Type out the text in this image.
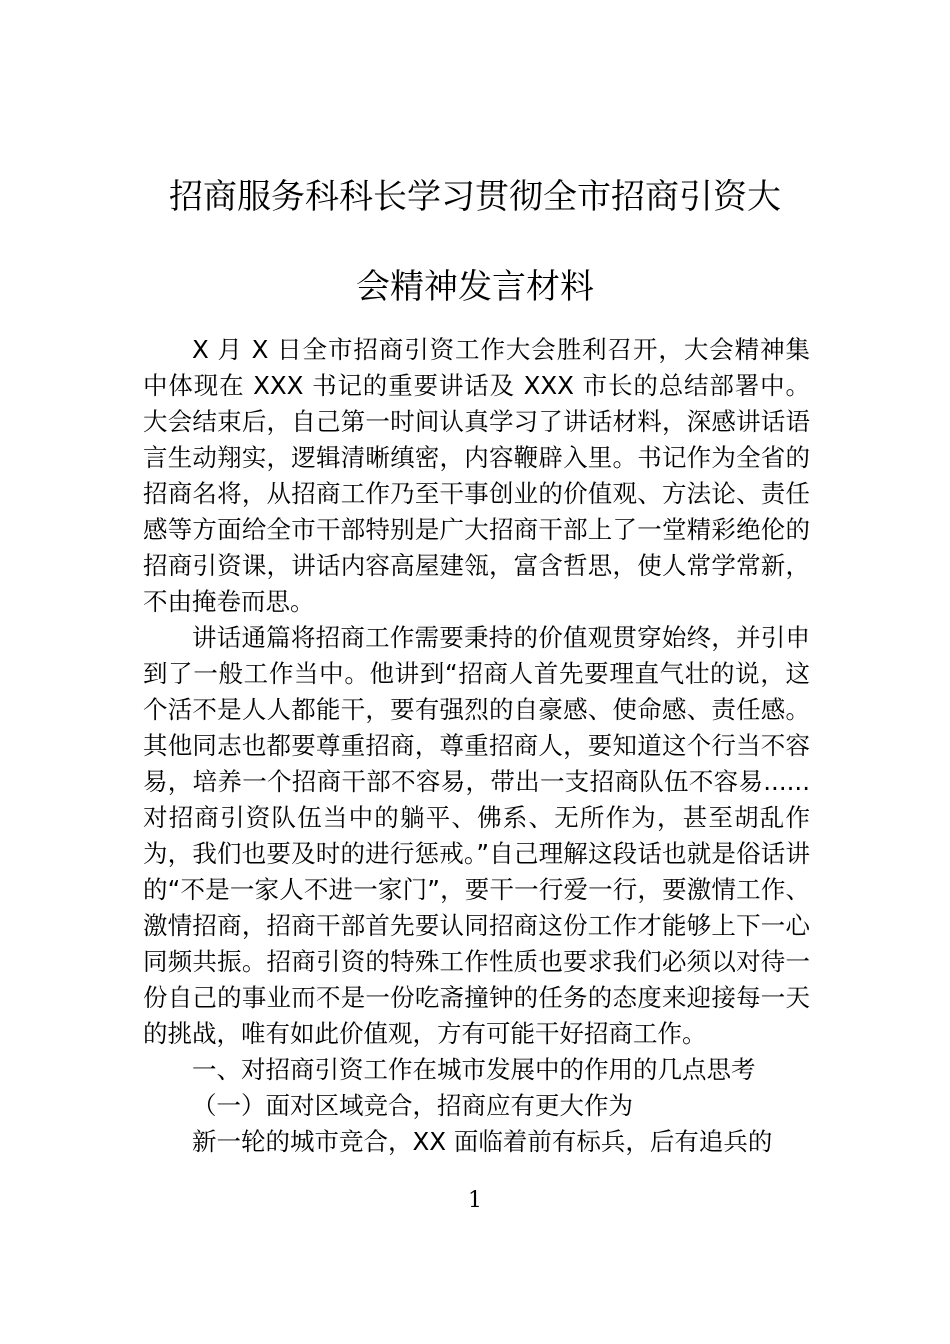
招商服务科科长学习贯彻全市招商引资大
会精神发言材料

X 月 X 日全市招商引资工作大会胜利召开，大会精神集中体现在 XXX 书记的重要讲话及 XXX 市长的总结部署中。大会结束后，自己第一时间认真学习了讲话材料，深感讲话语言生动翔实，逻辑清晰缜密，内容鞭辟入里。书记作为全省的招商名将，从招商工作乃至干事创业的价值观、方法论、责任感等方面给全市干部特别是广大招商干部上了一堂精彩绝伦的招商引资课，讲话内容高屋建瓴，富含哲思，使人常学常新，不由掩卷而思。

讲话通篇将招商工作需要秉持的价值观贯穿始终，并引申到了一般工作当中。他讲到“招商人首先要理直气壮的说，这个活不是人人都能干，要有强烈的自豪感、使命感、责任感。其他同志也都要尊重招商，尊重招商人，要知道这个行当不容易，培养一个招商干部不容易，带出一支招商队伍不容易......对招商引资队伍当中的躺平、佛系、无所作为，甚至胡乱作为，我们也要及时的进行惩戒。”自己理解这段话也就是俗话讲的“不是一家人不进一家门”，要干一行爱一行，要激情工作、激情招商，招商干部首先要认同招商这份工作才能够上下一心同频共振。招商引资的特殊工作性质也要求我们必须以对待一份自己的事业而不是一份吃斋撞钟的任务的态度来迎接每一天的挑战，唯有如此价值观，方有可能干好招商工作。

一、对招商引资工作在城市发展中的作用的几点思考

（一）面对区域竞合，招商应有更大作为

新一轮的城市竞合，XX 面临着前有标兵，后有追兵的

1
